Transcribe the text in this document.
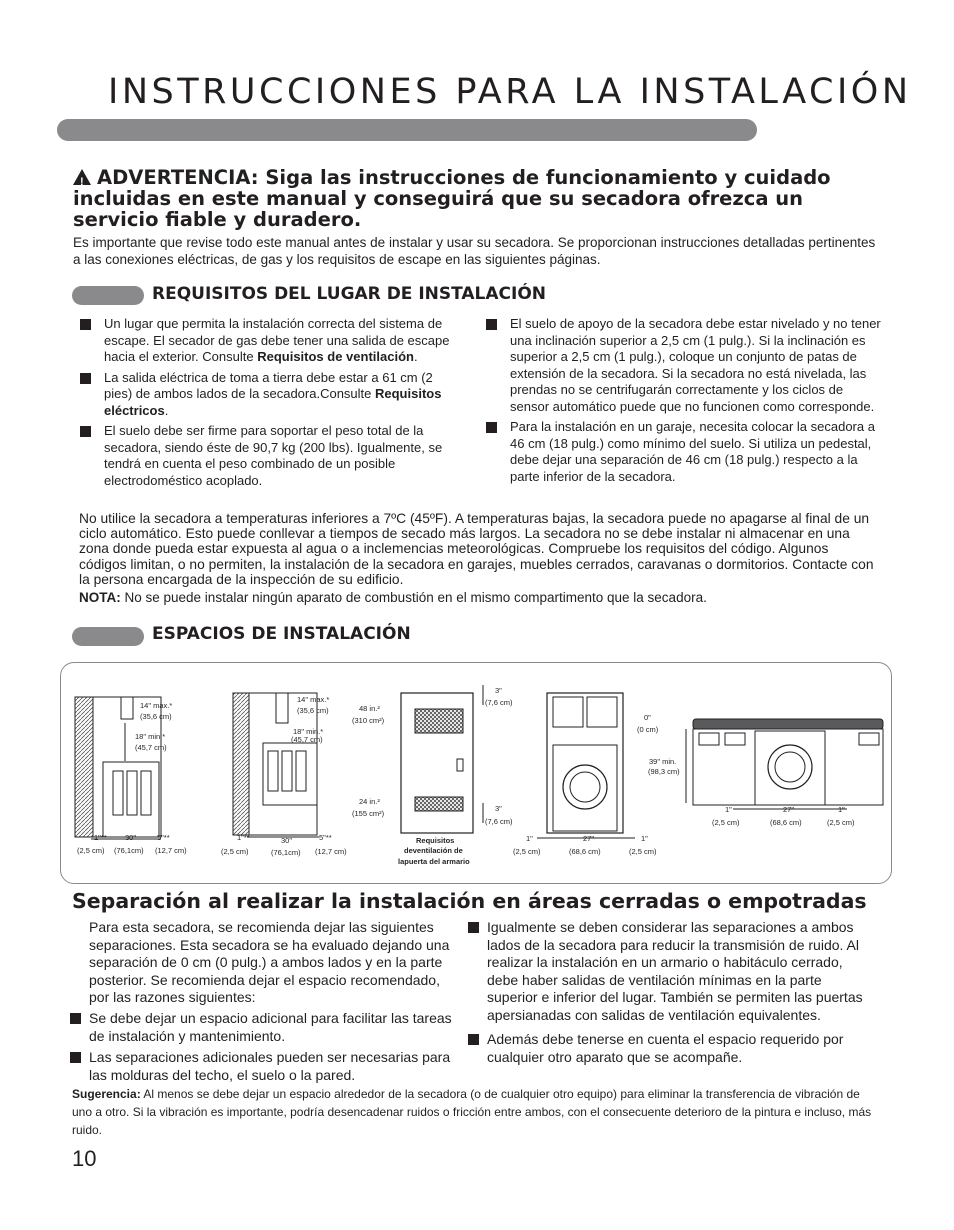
INSTRUCCIONES PARA LA INSTALACIÓN
!ADVERTENCIA: Siga las instrucciones de funcionamiento y cuidado incluidas en este manual y conseguirá que su secadora ofrezca un servicio fiable y duradero.
Es importante que revise todo este manual antes de instalar y usar su secadora. Se proporcionan instrucciones detalladas pertinentes a las conexiones eléctricas, de gas y los requisitos de escape en las siguientes páginas.
REQUISITOS DEL LUGAR DE INSTALACIÓN
Un lugar que permita la instalación correcta del sistema de escape. El secador de gas debe tener una salida de escape hacia el exterior. Consulte Requisitos de ventilación.
La salida eléctrica de toma a tierra debe estar a 61 cm (2 pies) de ambos lados de la secadora.Consulte Requisitos eléctricos.
El suelo debe ser firme para soportar el peso total de la secadora, siendo éste de 90,7 kg (200 lbs). Igualmente, se tendrá en cuenta el peso combinado de un posible electrodoméstico acoplado.
El suelo de apoyo de la secadora debe estar nivelado y no tener una inclinación superior a 2,5 cm (1 pulg.). Si la inclinación es superior a 2,5 cm (1 pulg.), coloque un conjunto de patas de extensión de la secadora. Si la secadora no está nivelada, las prendas no se centrifugarán correctamente y los ciclos de sensor automático puede que no funcionen como corresponde.
Para la instalación en un garaje, necesita colocar la secadora a 46 cm (18 pulg.) como mínimo del suelo. Si utiliza un pedestal, debe dejar una separación de 46 cm (18 pulg.) respecto a la parte inferior de la secadora.
No utilice la secadora a temperaturas inferiores a 7ºC (45ºF). A temperaturas bajas, la secadora puede no apagarse al final de un ciclo automático. Esto puede conllevar a tiempos de secado más largos. La secadora no se debe instalar ni almacenar en una zona donde pueda estar expuesta al agua o a inclemencias meteorológicas. Compruebe los requisitos del código. Algunos códigos limitan, o no permiten, la instalación de la secadora en garajes, muebles cerrados, caravanas o dormitorios. Contacte con la persona encargada de la inspección de su edificio.
NOTA: No se puede instalar ningún aparato de combustión en el mismo compartimento que la secadora.
ESPACIOS DE INSTALACIÓN
14" max.*
(35,6 cm)
18" min.*
(45,7 cm)
1"** 30"	5"**
(2,5 cm) (76,1cm) (12,7 cm)
14" max.*
(35,6 cm)
18" min.*
(45,7 cm)
1"**	30"	5"**
(2,5 cm)	(76,1cm) (12,7 cm)
48 in.²
(310 cm²)
24 in.²
(155 cm²)
3"
(7,6 cm)
3"
(7,6 cm)
Requisitos
deventilación de
lapuerta del armario
0"
(0 cm)
1"	27"	1"
(2,5 cm)	(68,6 cm)	(2,5 cm)
39" min.
(98,3 cm)
1"	27"	1"
(2,5 cm)	(68,6 cm)	(2,5 cm)
Separación al realizar la instalación en áreas cerradas o empotradas
Para esta secadora, se recomienda dejar las siguientes separaciones. Esta secadora se ha evaluado dejando una separación de 0 cm (0 pulg.) a ambos lados y en la parte posterior. Se recomienda dejar el espacio recomendado, por las razones siguientes:
Se debe dejar un espacio adicional para facilitar las tareas de instalación y mantenimiento.
Las separaciones adicionales pueden ser necesarias para las molduras del techo, el suelo o la pared.
Igualmente se deben considerar las separaciones a ambos lados de la secadora para reducir la transmisión de ruido. Al realizar la instalación en un armario o habitáculo cerrado, debe haber salidas de ventilación mínimas en la parte superior e inferior del lugar. También se permiten las puertas apersianadas con salidas de ventilación equivalentes.
Además debe tenerse en cuenta el espacio requerido por cualquier otro aparato que se acompañe.
Sugerencia: Al menos se debe dejar un espacio alrededor de la secadora (o de cualquier otro equipo) para eliminar la transferencia de vibración de uno a otro. Si la vibración es importante, podría desencadenar ruidos o fricción entre ambos, con el consecuente deterioro de la pintura e incluso, más ruido.
10
